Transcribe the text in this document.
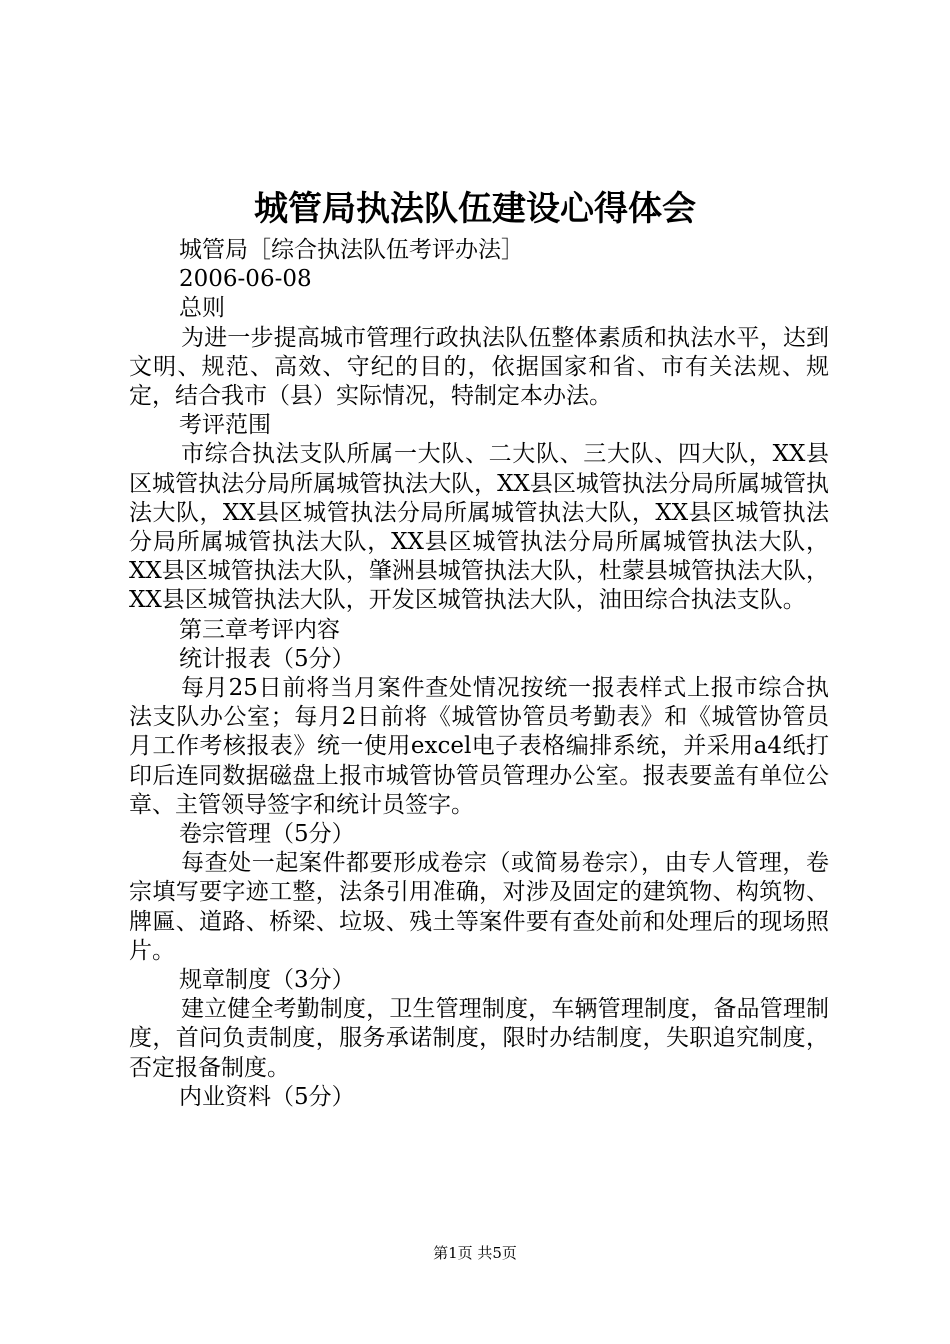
城管局执法队伍建设心得体会

城管局［综合执法队伍考评办法］

2006-06-08

总则

为进一步提高城市管理行政执法队伍整体素质和执法水平，达到文明、规范、高效、守纪的目的，依据国家和省、市有关法规、规定，结合我市（县）实际情况，特制定本办法。

考评范围

市综合执法支队所属一大队、二大队、三大队、四大队，XX县区城管执法分局所属城管执法大队，XX县区城管执法分局所属城管执法大队，XX县区城管执法分局所属城管执法大队，XX县区城管执法分局所属城管执法大队，XX县区城管执法分局所属城管执法大队，XX县区城管执法大队，肇洲县城管执法大队，杜蒙县城管执法大队，XX县区城管执法大队，开发区城管执法大队，油田综合执法支队。

第三章考评内容

统计报表（5分）

每月25日前将当月案件查处情况按统一报表样式上报市综合执法支队办公室；每月2日前将《城管协管员考勤表》和《城管协管员月工作考核报表》统一使用excel电子表格编排系统，并采用a4纸打印后连同数据磁盘上报市城管协管员管理办公室。报表要盖有单位公章、主管领导签字和统计员签字。

卷宗管理（5分）

每查处一起案件都要形成卷宗（或简易卷宗），由专人管理，卷宗填写要字迹工整，法条引用准确，对涉及固定的建筑物、构筑物、牌匾、道路、桥梁、垃圾、残土等案件要有查处前和处理后的现场照片。

规章制度（3分）

建立健全考勤制度，卫生管理制度，车辆管理制度，备品管理制度，首问负责制度，服务承诺制度，限时办结制度，失职追究制度，否定报备制度。

内业资料（5分）

第1页 共5页
